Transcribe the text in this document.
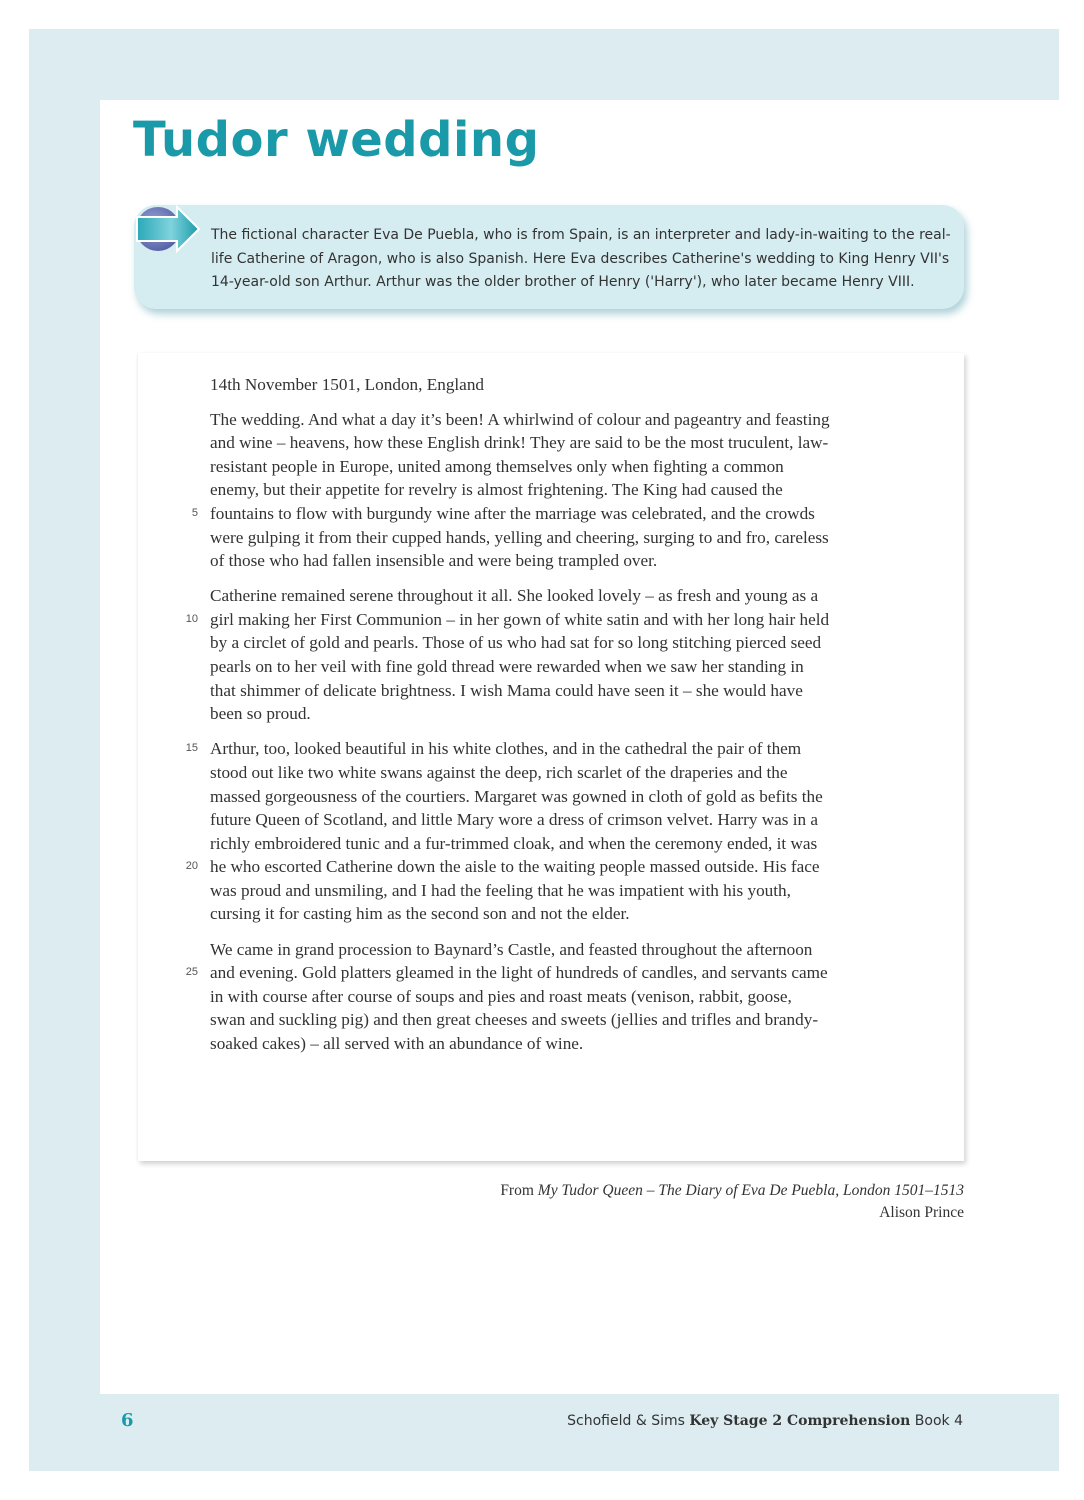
Tudor wedding

The fictional character Eva De Puebla, who is from Spain, is an interpreter and lady-in-waiting to the real-life Catherine of Aragon, who is also Spanish. Here Eva describes Catherine's wedding to King Henry VII's 14-year-old son Arthur. Arthur was the older brother of Henry ('Harry'), who later became Henry VIII.

14th November 1501, London, England

5
The wedding. And what a day it’s been! A whirlwind of colour and pageantry and feasting and wine – heavens, how these English drink! They are said to be the most truculent, law-resistant people in Europe, united among themselves only when fighting a common enemy, but their appetite for revelry is almost frightening. The King had caused the fountains to flow with burgundy wine after the marriage was celebrated, and the crowds were gulping it from their cupped hands, yelling and cheering, surging to and fro, careless of those who had fallen insensible and were being trampled over.
10
Catherine remained serene throughout it all. She looked lovely – as fresh and young as a girl making her First Communion – in her gown of white satin and with her long hair held by a circlet of gold and pearls. Those of us who had sat for so long stitching pierced seed pearls on to her veil with fine gold thread were rewarded when we saw her standing in that shimmer of delicate brightness. I wish Mama could have seen it – she would have been so proud.
15
20
Arthur, too, looked beautiful in his white clothes, and in the cathedral the pair of them stood out like two white swans against the deep, rich scarlet of the draperies and the massed gorgeousness of the courtiers. Margaret was gowned in cloth of gold as befits the future Queen of Scotland, and little Mary wore a dress of crimson velvet. Harry was in a richly embroidered tunic and a fur-trimmed cloak, and when the ceremony ended, it was he who escorted Catherine down the aisle to the waiting people massed outside. His face was proud and unsmiling, and I had the feeling that he was impatient with his youth, cursing it for casting him as the second son and not the elder.
25
We came in grand procession to Baynard’s Castle, and feasted throughout the afternoon and evening. Gold platters gleamed in the light of hundreds of candles, and servants came in with course after course of soups and pies and roast meats (venison, rabbit, goose, swan and suckling pig) and then great cheeses and sweets (jellies and trifles and brandy-soaked cakes) – all served with an abundance of wine.
From My Tudor Queen – The Diary of Eva De Puebla, London 1501–1513
Alison Prince
6	Schofield & Sims Key Stage 2 Comprehension Book 4
